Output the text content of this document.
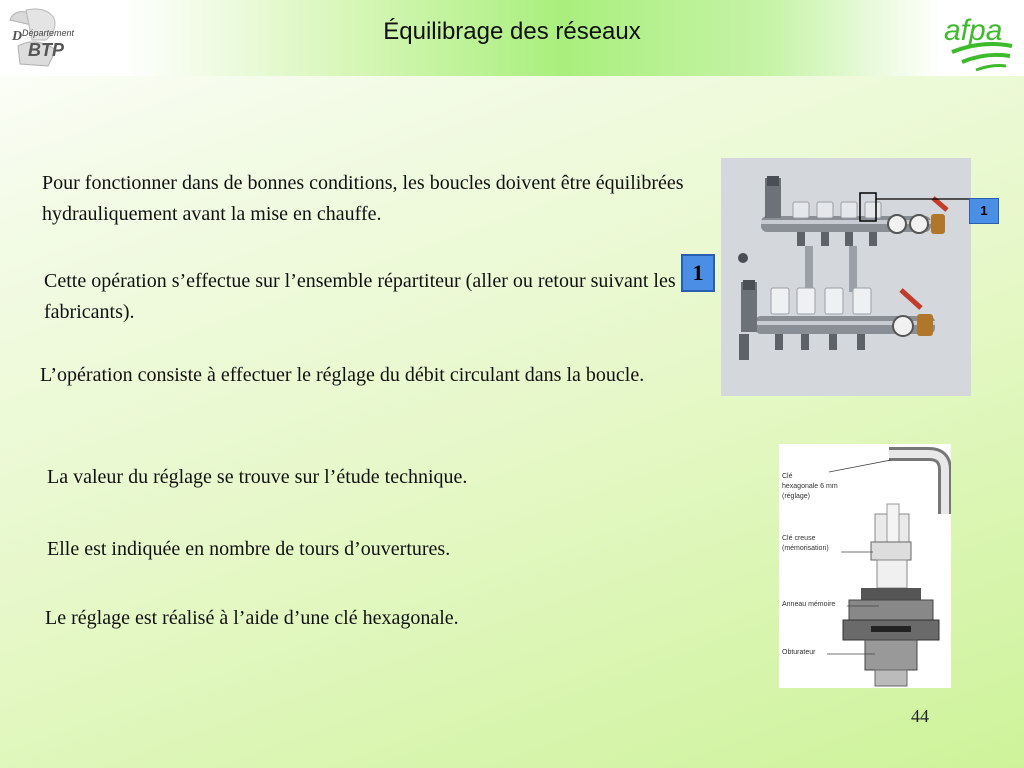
D Département
BTP
Équilibrage des réseaux	afpa

Pour fonctionner dans de bonnes conditions, les boucles doivent être équilibrées hydrauliquement avant la mise en chauffe.

Cette opération s’effectue sur l’ensemble répartiteur (aller ou retour suivant les fabricants).

L’opération consiste à effectuer le réglage du débit circulant dans la boucle.

La valeur du réglage se trouve sur l’étude technique.

Elle est indiquée en nombre de tours d’ouvertures.

Le réglage est réalisé à l’aide d’une clé hexagonale.

1
1
Clé
hexagonale 6 mm
(réglage)
Clé creuse
(mémorisation)
Anneau mémoire
Obturateur
44
